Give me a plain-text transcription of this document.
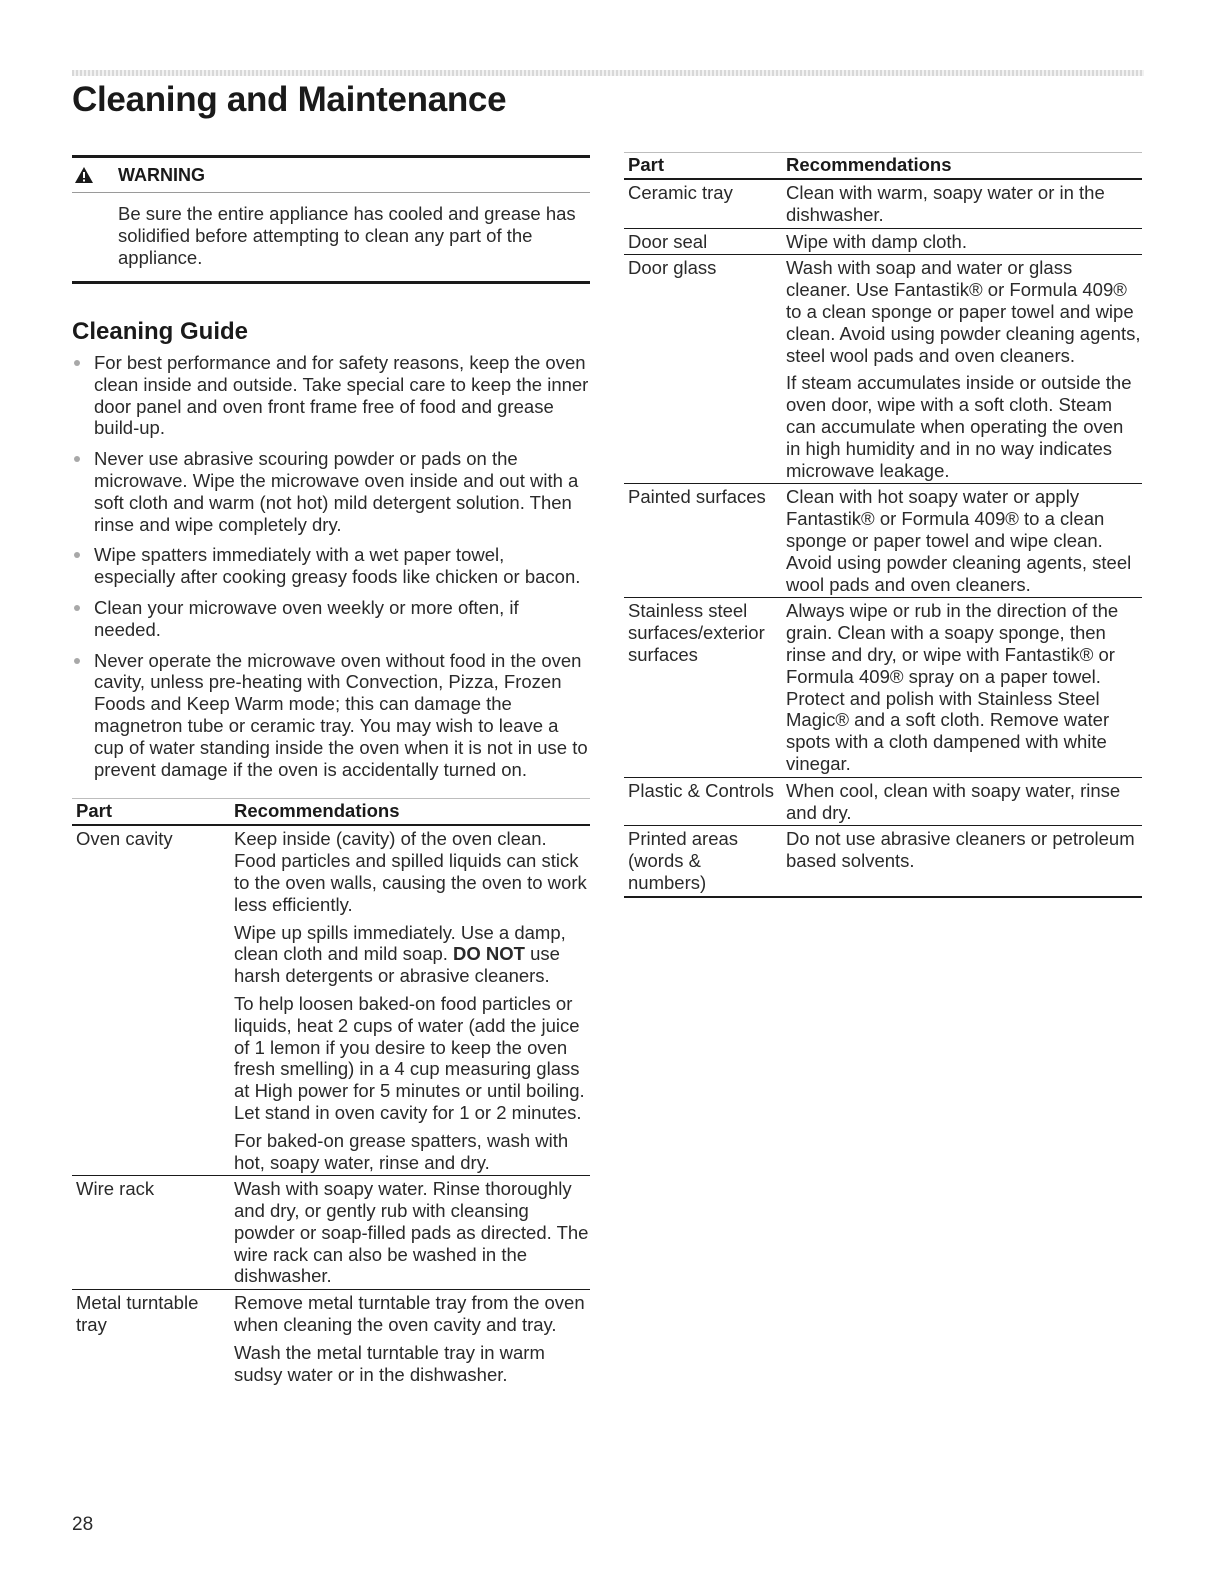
Cleaning and Maintenance
WARNING

Be sure the entire appliance has cooled and grease has solidified before attempting to clean any part of the appliance.

Cleaning Guide
For best performance and for safety reasons, keep the oven clean inside and outside. Take special care to keep the inner door panel and oven front frame free of food and grease build-up.
Never use abrasive scouring powder or pads on the microwave. Wipe the microwave oven inside and out with a soft cloth and warm (not hot) mild detergent solution. Then rinse and wipe completely dry.
Wipe spatters immediately with a wet paper towel, especially after cooking greasy foods like chicken or bacon.
Clean your microwave oven weekly or more often, if needed.
Never operate the microwave oven without food in the oven cavity, unless pre-heating with Convection, Pizza, Frozen Foods and Keep Warm mode; this can damage the magnetron tube or ceramic tray. You may wish to leave a cup of water standing inside the oven when it is not in use to prevent damage if the oven is accidentally turned on.
Part	Recommendations
Oven cavity	Keep inside (cavity) of the oven clean. Food particles and spilled liquids can stick to the oven walls, causing the oven to work less efficiently.

Wipe up spills immediately. Use a damp, clean cloth and mild soap. DO NOT use harsh detergents or abrasive cleaners.

To help loosen baked-on food particles or liquids, heat 2 cups of water (add the juice of 1 lemon if you desire to keep the oven fresh smelling) in a 4 cup measuring glass at High power for 5 minutes or until boiling. Let stand in oven cavity for 1 or 2 minutes.

For baked-on grease spatters, wash with hot, soapy water, rinse and dry.

Wire rack	Wash with soapy water. Rinse thoroughly and dry, or gently rub with cleansing powder or soap-filled pads as directed. The wire rack can also be washed in the dishwasher.

Metal turntable tray	Remove metal turntable tray from the oven when cleaning the oven cavity and tray.

Wash the metal turntable tray in warm sudsy water or in the dishwasher.

Part	Recommendations
Ceramic tray	Clean with warm, soapy water or in the dishwasher.

Door seal	Wipe with damp cloth.

Door glass	Wash with soap and water or glass cleaner. Use Fantastik® or Formula 409® to a clean sponge or paper towel and wipe clean. Avoid using powder cleaning agents, steel wool pads and oven cleaners.

If steam accumulates inside or outside the oven door, wipe with a soft cloth. Steam can accumulate when operating the oven in high humidity and in no way indicates microwave leakage.

Painted surfaces	Clean with hot soapy water or apply Fantastik® or Formula 409® to a clean sponge or paper towel and wipe clean. Avoid using powder cleaning agents, steel wool pads and oven cleaners.

Stainless steel surfaces/exterior surfaces	Always wipe or rub in the direction of the grain. Clean with a soapy sponge, then rinse and dry, or wipe with Fantastik® or Formula 409® spray on a paper towel. Protect and polish with Stainless Steel Magic® and a soft cloth. Remove water spots with a cloth dampened with white vinegar.

Plastic & Controls	When cool, clean with soapy water, rinse and dry.

Printed areas (words & numbers)	Do not use abrasive cleaners or petroleum based solvents.

28
